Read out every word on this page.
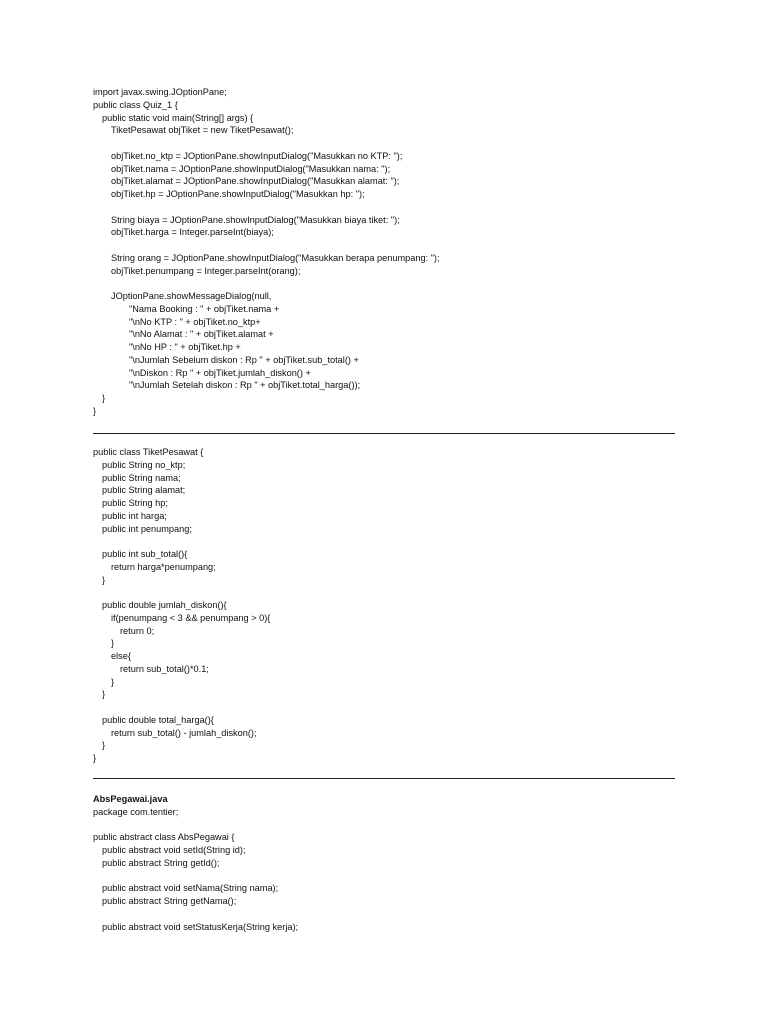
import javax.swing.JOptionPane;
public class Quiz_1 {
public static void main(String[] args) {
TiketPesawat objTiket = new TiketPesawat();
objTiket.no_ktp = JOptionPane.showInputDialog("Masukkan no KTP: ");
objTiket.nama = JOptionPane.showInputDialog("Masukkan nama: ");
objTiket.alamat = JOptionPane.showInputDialog("Masukkan alamat: ");
objTiket.hp = JOptionPane.showInputDialog("Masukkan hp: ");
String biaya = JOptionPane.showInputDialog("Masukkan biaya tiket: ");
objTiket.harga = Integer.parseInt(biaya);
String orang = JOptionPane.showInputDialog("Masukkan berapa penumpang: ");
objTiket.penumpang = Integer.parseInt(orang);
JOptionPane.showMessageDialog(null,
"Nama Booking : " + objTiket.nama +
"\nNo KTP : " + objTiket.no_ktp+
"\nNo Alamat : " + objTiket.alamat +
"\nNo HP : " + objTiket.hp +
"\nJumlah Sebelum diskon : Rp " + objTiket.sub_total() +
"\nDiskon : Rp " + objTiket.jumlah_diskon() +
"\nJumlah Setelah diskon : Rp " + objTiket.total_harga());
}
}
public class TiketPesawat {
public String no_ktp;
public String nama;
public String alamat;
public String hp;
public int harga;
public int penumpang;
public int sub_total(){
return harga*penumpang;
}
public double jumlah_diskon(){
if(penumpang < 3 && penumpang > 0){
return 0;
}
else{
return sub_total()*0.1;
}
}
public double total_harga(){
return sub_total() - jumlah_diskon();
}
}
AbsPegawai.java
package com.tentier;
public abstract class AbsPegawai {
public abstract void setId(String id);
public abstract String getId();
public abstract void setNama(String nama);
public abstract String getNama();
public abstract void setStatusKerja(String kerja);
